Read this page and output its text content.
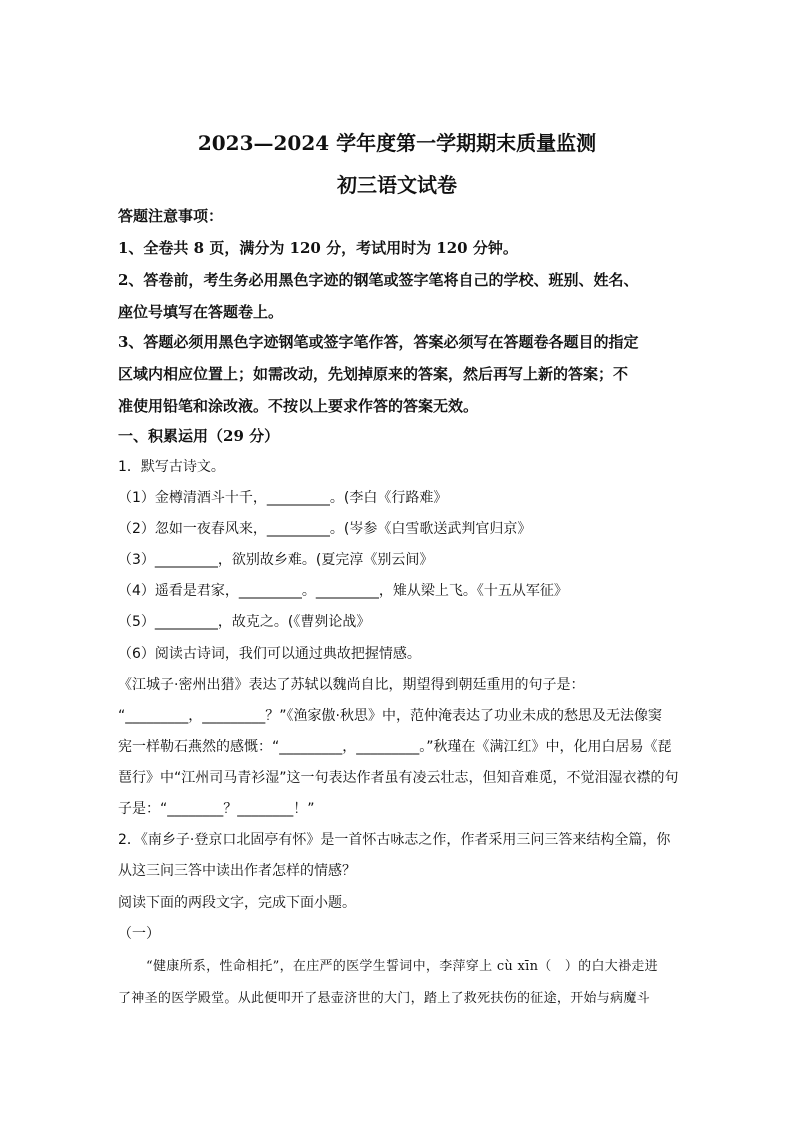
2023—2024 学年度第一学期期末质量监测
初三语文试卷
答题注意事项：
1、全卷共 8 页，满分为 120 分，考试用时为 120 分钟。
2、答卷前，考生务必用黑色字迹的钢笔或签字笔将自己的学校、班别、姓名、
座位号填写在答题卷上。
3、答题必须用黑色字迹钢笔或签字笔作答，答案必须写在答题卷各题目的指定
区域内相应位置上；如需改动，先划掉原来的答案，然后再写上新的答案；不
准使用铅笔和涂改液。不按以上要求作答的答案无效。
一、积累运用（29 分）
1．默写古诗文。
（1）金樽清酒斗十千，_________。(李白《行路难》
（2）忽如一夜春风来，_________。(岑参《白雪歌送武判官归京》
（3）_________，欲别故乡难。(夏完淳《别云间》
（4）遥看是君家，_________。_________，雉从梁上飞。《十五从军征》
（5）_________，故克之。(《曹刿论战》
（6）阅读古诗词，我们可以通过典故把握情感。
《江城子·密州出猎》表达了苏轼以魏尚自比，期望得到朝廷重用的句子是：
“_________，_________？”《渔家傲·秋思》中，范仲淹表达了功业未成的愁思及无法像窦
宪一样勒石燕然的感慨：“_________，_________。”秋瑾在《满江红》中，化用白居易《琵
琶行》中“江州司马青衫湿”这一句表达作者虽有凌云壮志，但知音难觅，不觉泪湿衣襟的句
子是：“________？________！”
2．《南乡子·登京口北固亭有怀》是一首怀古咏志之作，作者采用三问三答来结构全篇，你
从这三问三答中读出作者怎样的情感？
阅读下面的两段文字，完成下面小题。
（一）
“健康所系，性命相托”，在庄严的医学生誓词中，李萍穿上 cù xīn（　）的白大褂走进
了神圣的医学殿堂。从此便叩开了悬壶济世的大门，踏上了救死扶伤的征途，开始与病魔斗
